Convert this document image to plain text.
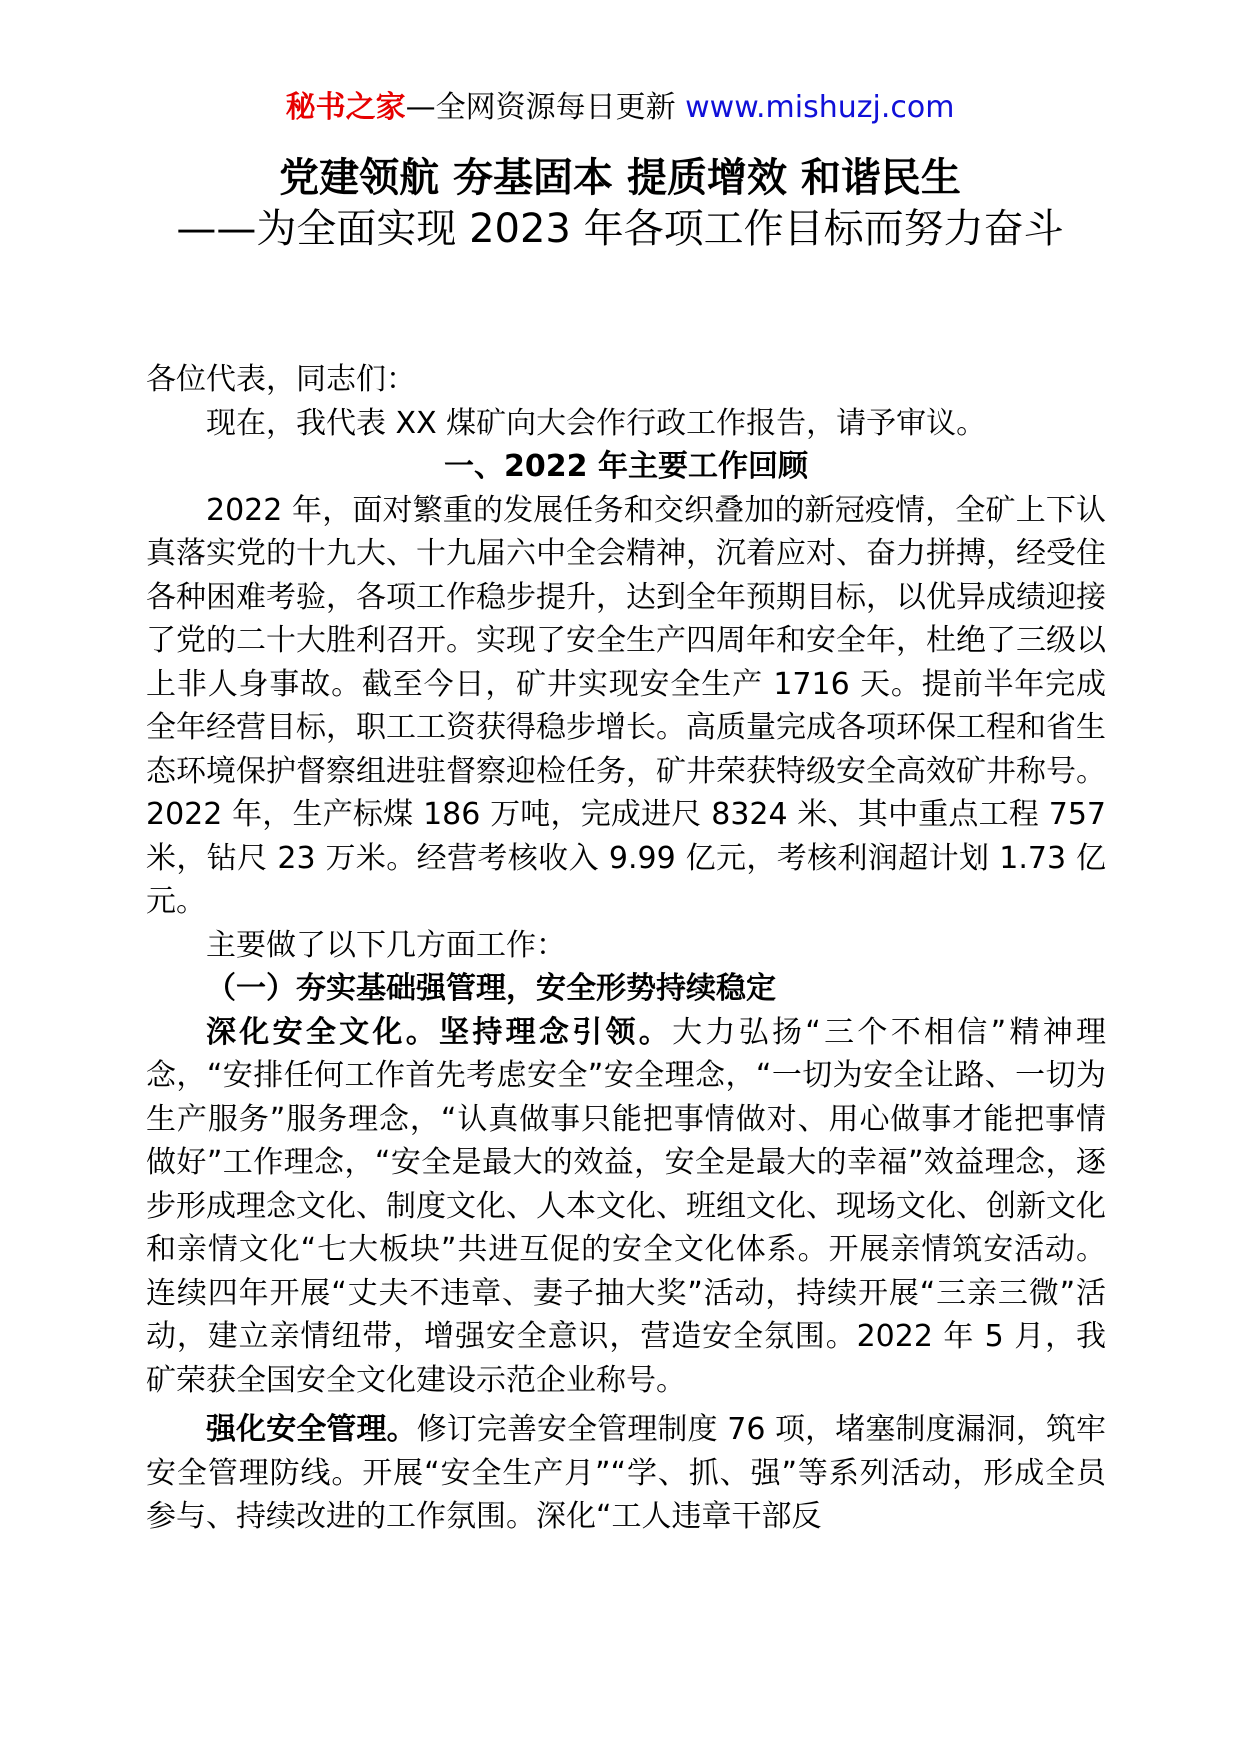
秘书之家—全网资源每日更新 www.mishuzj.com
党建领航 夯基固本 提质增效 和谐民生
——为全面实现 2023 年各项工作目标而努力奋斗

各位代表，同志们：

现在，我代表 XX 煤矿向大会作行政工作报告，请予审议。

一、2022 年主要工作回顾

2022 年，面对繁重的发展任务和交织叠加的新冠疫情，全矿上下认真落实党的十九大、十九届六中全会精神，沉着应对、奋力拼搏，经受住各种困难考验，各项工作稳步提升，达到全年预期目标，以优异成绩迎接了党的二十大胜利召开。实现了安全生产四周年和安全年，杜绝了三级以上非人身事故。截至今日，矿井实现安全生产 1716 天。提前半年完成全年经营目标，职工工资获得稳步增长。高质量完成各项环保工程和省生态环境保护督察组进驻督察迎检任务，矿井荣获特级安全高效矿井称号。2022 年，生产标煤 186 万吨，完成进尺 8324 米、其中重点工程 757 米，钻尺 23 万米。经营考核收入 9.99 亿元，考核利润超计划 1.73 亿元。

主要做了以下几方面工作：

（一）夯实基础强管理，安全形势持续稳定

深化安全文化。坚持理念引领。大力弘扬“三个不相信”精神理念，“安排任何工作首先考虑安全”安全理念，“一切为安全让路、一切为生产服务”服务理念，“认真做事只能把事情做对、用心做事才能把事情做好”工作理念，“安全是最大的效益，安全是最大的幸福”效益理念，逐步形成理念文化、制度文化、人本文化、班组文化、现场文化、创新文化和亲情文化“七大板块”共进互促的安全文化体系。开展亲情筑安活动。连续四年开展“丈夫不违章、妻子抽大奖”活动，持续开展“三亲三微”活动，建立亲情纽带，增强安全意识，营造安全氛围。2022 年 5 月，我矿荣获全国安全文化建设示范企业称号。

强化安全管理。修订完善安全管理制度 76 项，堵塞制度漏洞，筑牢安全管理防线。开展“安全生产月”“学、抓、强”等系列活动，形成全员参与、持续改进的工作氛围。深化“工人违章干部反
